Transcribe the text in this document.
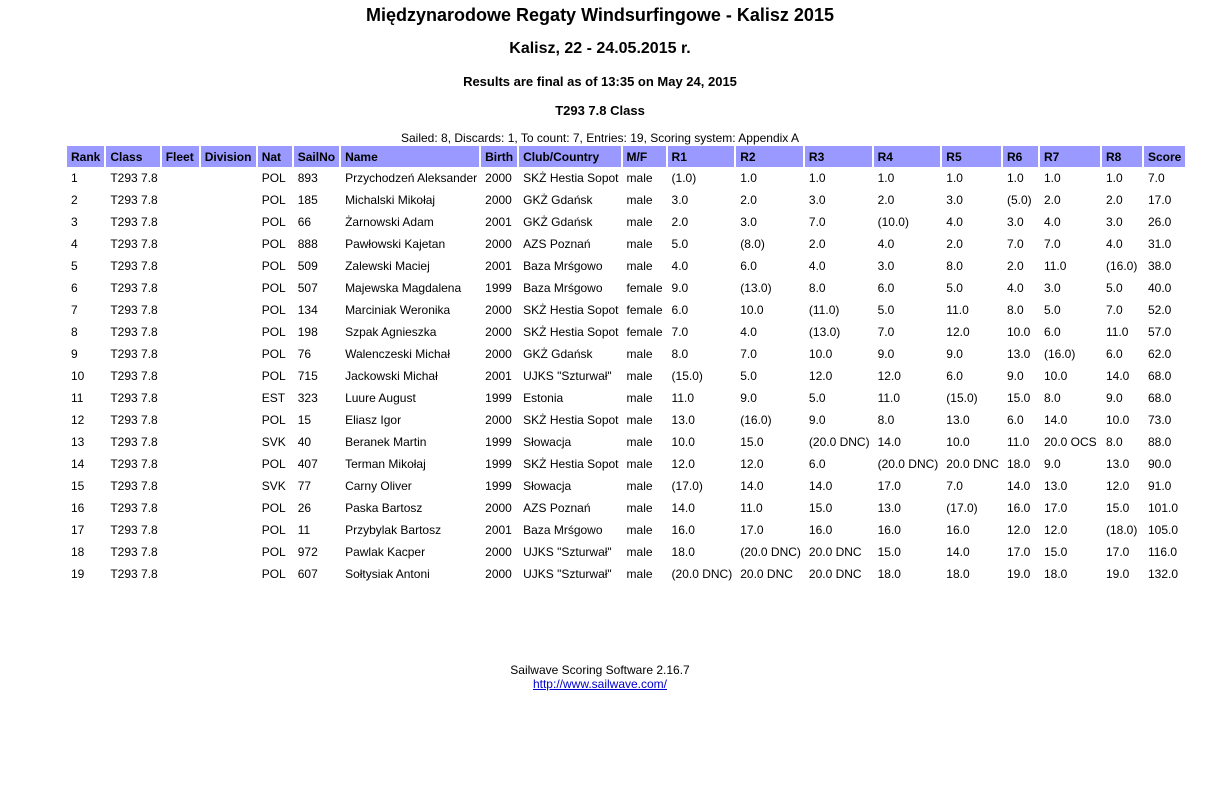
Międzynarodowe Regaty Windsurfingowe - Kalisz 2015
Kalisz, 22 - 24.05.2015 r.
Results are final as of 13:35 on May 24, 2015
T293 7.8 Class
Sailed: 8, Discards: 1, To count: 7, Entries: 19, Scoring system: Appendix A
Rank	Class	Fleet	Division	Nat	SailNo	Name	Birth	Club/Country	M/F	R1	R2	R3	R4	R5	R6	R7	R8	Score
1	T293 7.8			POL	893	Przychodzeń Aleksander	2000	SKŻ Hestia Sopot	male	(1.0)	1.0	1.0	1.0	1.0	1.0	1.0	1.0	7.0
2	T293 7.8			POL	185	Michalski Mikołaj	2000	GKŻ Gdańsk	male	3.0	2.0	3.0	2.0	3.0	(5.0)	2.0	2.0	17.0
3	T293 7.8			POL	66	Żarnowski Adam	2001	GKŻ Gdańsk	male	2.0	3.0	7.0	(10.0)	4.0	3.0	4.0	3.0	26.0
4	T293 7.8			POL	888	Pawłowski Kajetan	2000	AZS Poznań	male	5.0	(8.0)	2.0	4.0	2.0	7.0	7.0	4.0	31.0
5	T293 7.8			POL	509	Zalewski Maciej	2001	Baza Mrśgowo	male	4.0	6.0	4.0	3.0	8.0	2.0	11.0	(16.0)	38.0
6	T293 7.8			POL	507	Majewska Magdalena	1999	Baza Mrśgowo	female	9.0	(13.0)	8.0	6.0	5.0	4.0	3.0	5.0	40.0
7	T293 7.8			POL	134	Marciniak Weronika	2000	SKŻ Hestia Sopot	female	6.0	10.0	(11.0)	5.0	11.0	8.0	5.0	7.0	52.0
8	T293 7.8			POL	198	Szpak Agnieszka	2000	SKŻ Hestia Sopot	female	7.0	4.0	(13.0)	7.0	12.0	10.0	6.0	11.0	57.0
9	T293 7.8			POL	76	Walenczeski Michał	2000	GKŻ Gdańsk	male	8.0	7.0	10.0	9.0	9.0	13.0	(16.0)	6.0	62.0
10	T293 7.8			POL	715	Jackowski Michał	2001	UJKS "Szturwał"	male	(15.0)	5.0	12.0	12.0	6.0	9.0	10.0	14.0	68.0
11	T293 7.8			EST	323	Luure August	1999	Estonia	male	11.0	9.0	5.0	11.0	(15.0)	15.0	8.0	9.0	68.0
12	T293 7.8			POL	15	Eliasz Igor	2000	SKŻ Hestia Sopot	male	13.0	(16.0)	9.0	8.0	13.0	6.0	14.0	10.0	73.0
13	T293 7.8			SVK	40	Beranek Martin	1999	Słowacja	male	10.0	15.0	(20.0 DNC)	14.0	10.0	11.0	20.0 OCS	8.0	88.0
14	T293 7.8			POL	407	Terman Mikołaj	1999	SKŻ Hestia Sopot	male	12.0	12.0	6.0	(20.0 DNC)	20.0 DNC	18.0	9.0	13.0	90.0
15	T293 7.8			SVK	77	Carny Oliver	1999	Słowacja	male	(17.0)	14.0	14.0	17.0	7.0	14.0	13.0	12.0	91.0
16	T293 7.8			POL	26	Paska Bartosz	2000	AZS Poznań	male	14.0	11.0	15.0	13.0	(17.0)	16.0	17.0	15.0	101.0
17	T293 7.8			POL	11	Przybylak Bartosz	2001	Baza Mrśgowo	male	16.0	17.0	16.0	16.0	16.0	12.0	12.0	(18.0)	105.0
18	T293 7.8			POL	972	Pawlak Kacper	2000	UJKS "Szturwał"	male	18.0	(20.0 DNC)	20.0 DNC	15.0	14.0	17.0	15.0	17.0	116.0
19	T293 7.8			POL	607	Sołtysiak Antoni	2000	UJKS "Szturwał"	male	(20.0 DNC)	20.0 DNC	20.0 DNC	18.0	18.0	19.0	18.0	19.0	132.0
Sailwave Scoring Software 2.16.7
http://www.sailwave.com/
